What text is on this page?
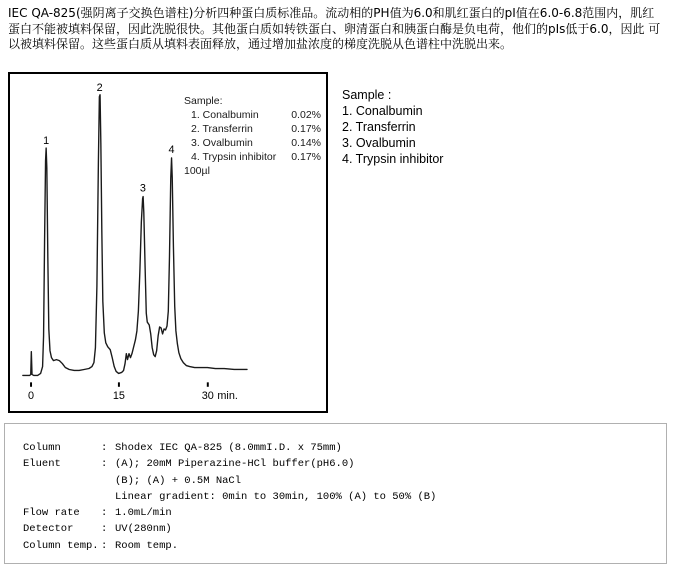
IEC QA-825(强阴离子交换色谱柱)分析四种蛋白质标准品。流动相的PH值为6.0和肌红蛋白的pI值在6.0-6.8范围内，肌红 蛋白不能被填料保留，因此洗脱很快。其他蛋白质如转铁蛋白、卵清蛋白和胰蛋白酶是负电荷，他们的pIs低于6.0，因此 可以被填料保留。这些蛋白质从填料表面释放，通过增加盐浓度的梯度洗脱从色谱柱中洗脱出来。

1
2
3
4
0	15	30 min.
Sample:
1. Conalbumin	0.02%
2. Transferrin	0.17%
3. Ovalbumin	0.14%
4. Trypsin inhibitor 0.17%
100µl
Sample :
1. Conalbumin
2. Transferrin
3. Ovalbumin
4. Trypsin inhibitor
Column	: Shodex IEC QA-825 (8.0mmI.D. x 75mm)
Eluent	: (A); 20mM Piperazine-HCl buffer(pH6.0)
(B); (A) + 0.5M NaCl
Linear gradient: 0min to 30min, 100% (A) to 50% (B)
Flow rate	: 1.0mL/min
Detector	: UV(280nm)
Column temp. : Room temp.
